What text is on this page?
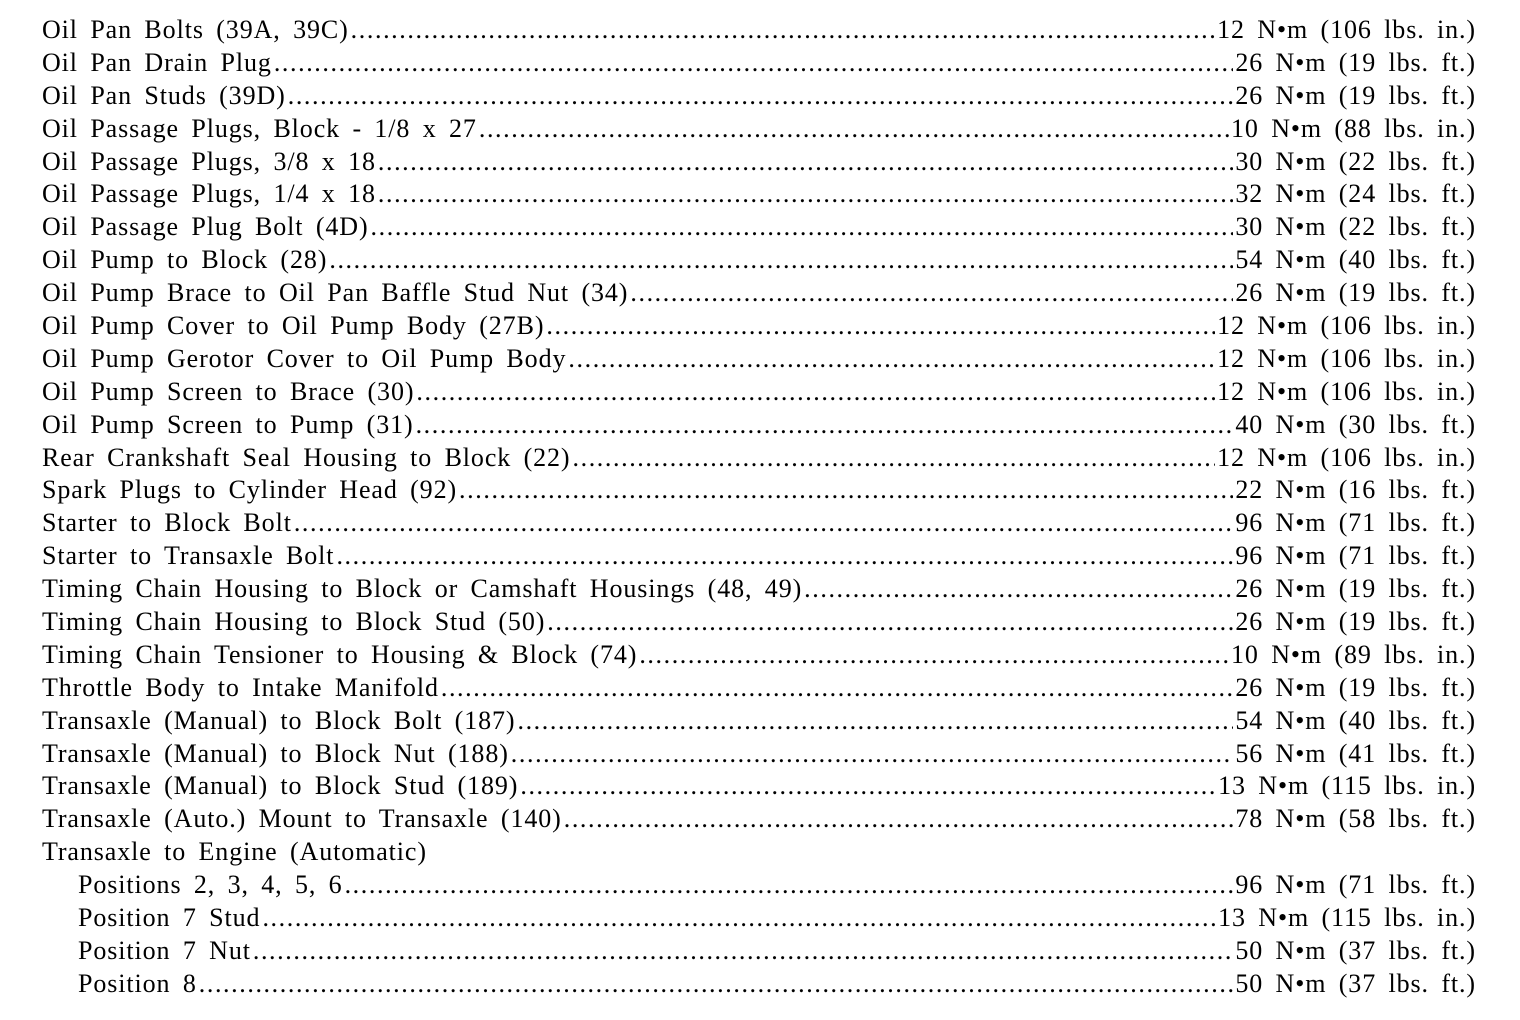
Oil Pan Bolts (39A, 39C) .....	12 N•m (106 lbs. in.)
Oil Pan Drain Plug .....	26 N•m (19 lbs. ft.)
Oil Pan Studs (39D) .....	26 N•m (19 lbs. ft.)
Oil Passage Plugs, Block - 1/8 x 27 .....	10 N•m (88 lbs. in.)
Oil Passage Plugs, 3/8 x 18 .....	30 N•m (22 lbs. ft.)
Oil Passage Plugs, 1/4 x 18 .....	32 N•m (24 lbs. ft.)
Oil Passage Plug Bolt (4D) .....	30 N•m (22 lbs. ft.)
Oil Pump to Block (28) .....	54 N•m (40 lbs. ft.)
Oil Pump Brace to Oil Pan Baffle Stud Nut (34) .....	26 N•m (19 lbs. ft.)
Oil Pump Cover to Oil Pump Body (27B) .....	12 N•m (106 lbs. in.)
Oil Pump Gerotor Cover to Oil Pump Body .....	12 N•m (106 lbs. in.)
Oil Pump Screen to Brace (30) .....	12 N•m (106 lbs. in.)
Oil Pump Screen to Pump (31) .....	40 N•m (30 lbs. ft.)
Rear Crankshaft Seal Housing to Block (22) .....	12 N•m (106 lbs. in.)
Spark Plugs to Cylinder Head (92) .....	22 N•m (16 lbs. ft.)
Starter to Block Bolt .....	96 N•m (71 lbs. ft.)
Starter to Transaxle Bolt .....	96 N•m (71 lbs. ft.)
Timing Chain Housing to Block or Camshaft Housings (48, 49) .....	26 N•m (19 lbs. ft.)
Timing Chain Housing to Block Stud (50) .....	26 N•m (19 lbs. ft.)
Timing Chain Tensioner to Housing & Block (74) .....	10 N•m (89 lbs. in.)
Throttle Body to Intake Manifold .....	26 N•m (19 lbs. ft.)
Transaxle (Manual) to Block Bolt (187) .....	54 N•m (40 lbs. ft.)
Transaxle (Manual) to Block Nut (188) .....	56 N•m (41 lbs. ft.)
Transaxle (Manual) to Block Stud (189) .....	13 N•m (115 lbs. in.)
Transaxle (Auto.) Mount to Transaxle (140) .....	78 N•m (58 lbs. ft.)
Transaxle to Engine (Automatic)
Positions 2, 3, 4, 5, 6 .....	96 N•m (71 lbs. ft.)
Position 7 Stud .....	13 N•m (115 lbs. in.)
Position 7 Nut .....	50 N•m (37 lbs. ft.)
Position 8 .....	50 N•m (37 lbs. ft.)
